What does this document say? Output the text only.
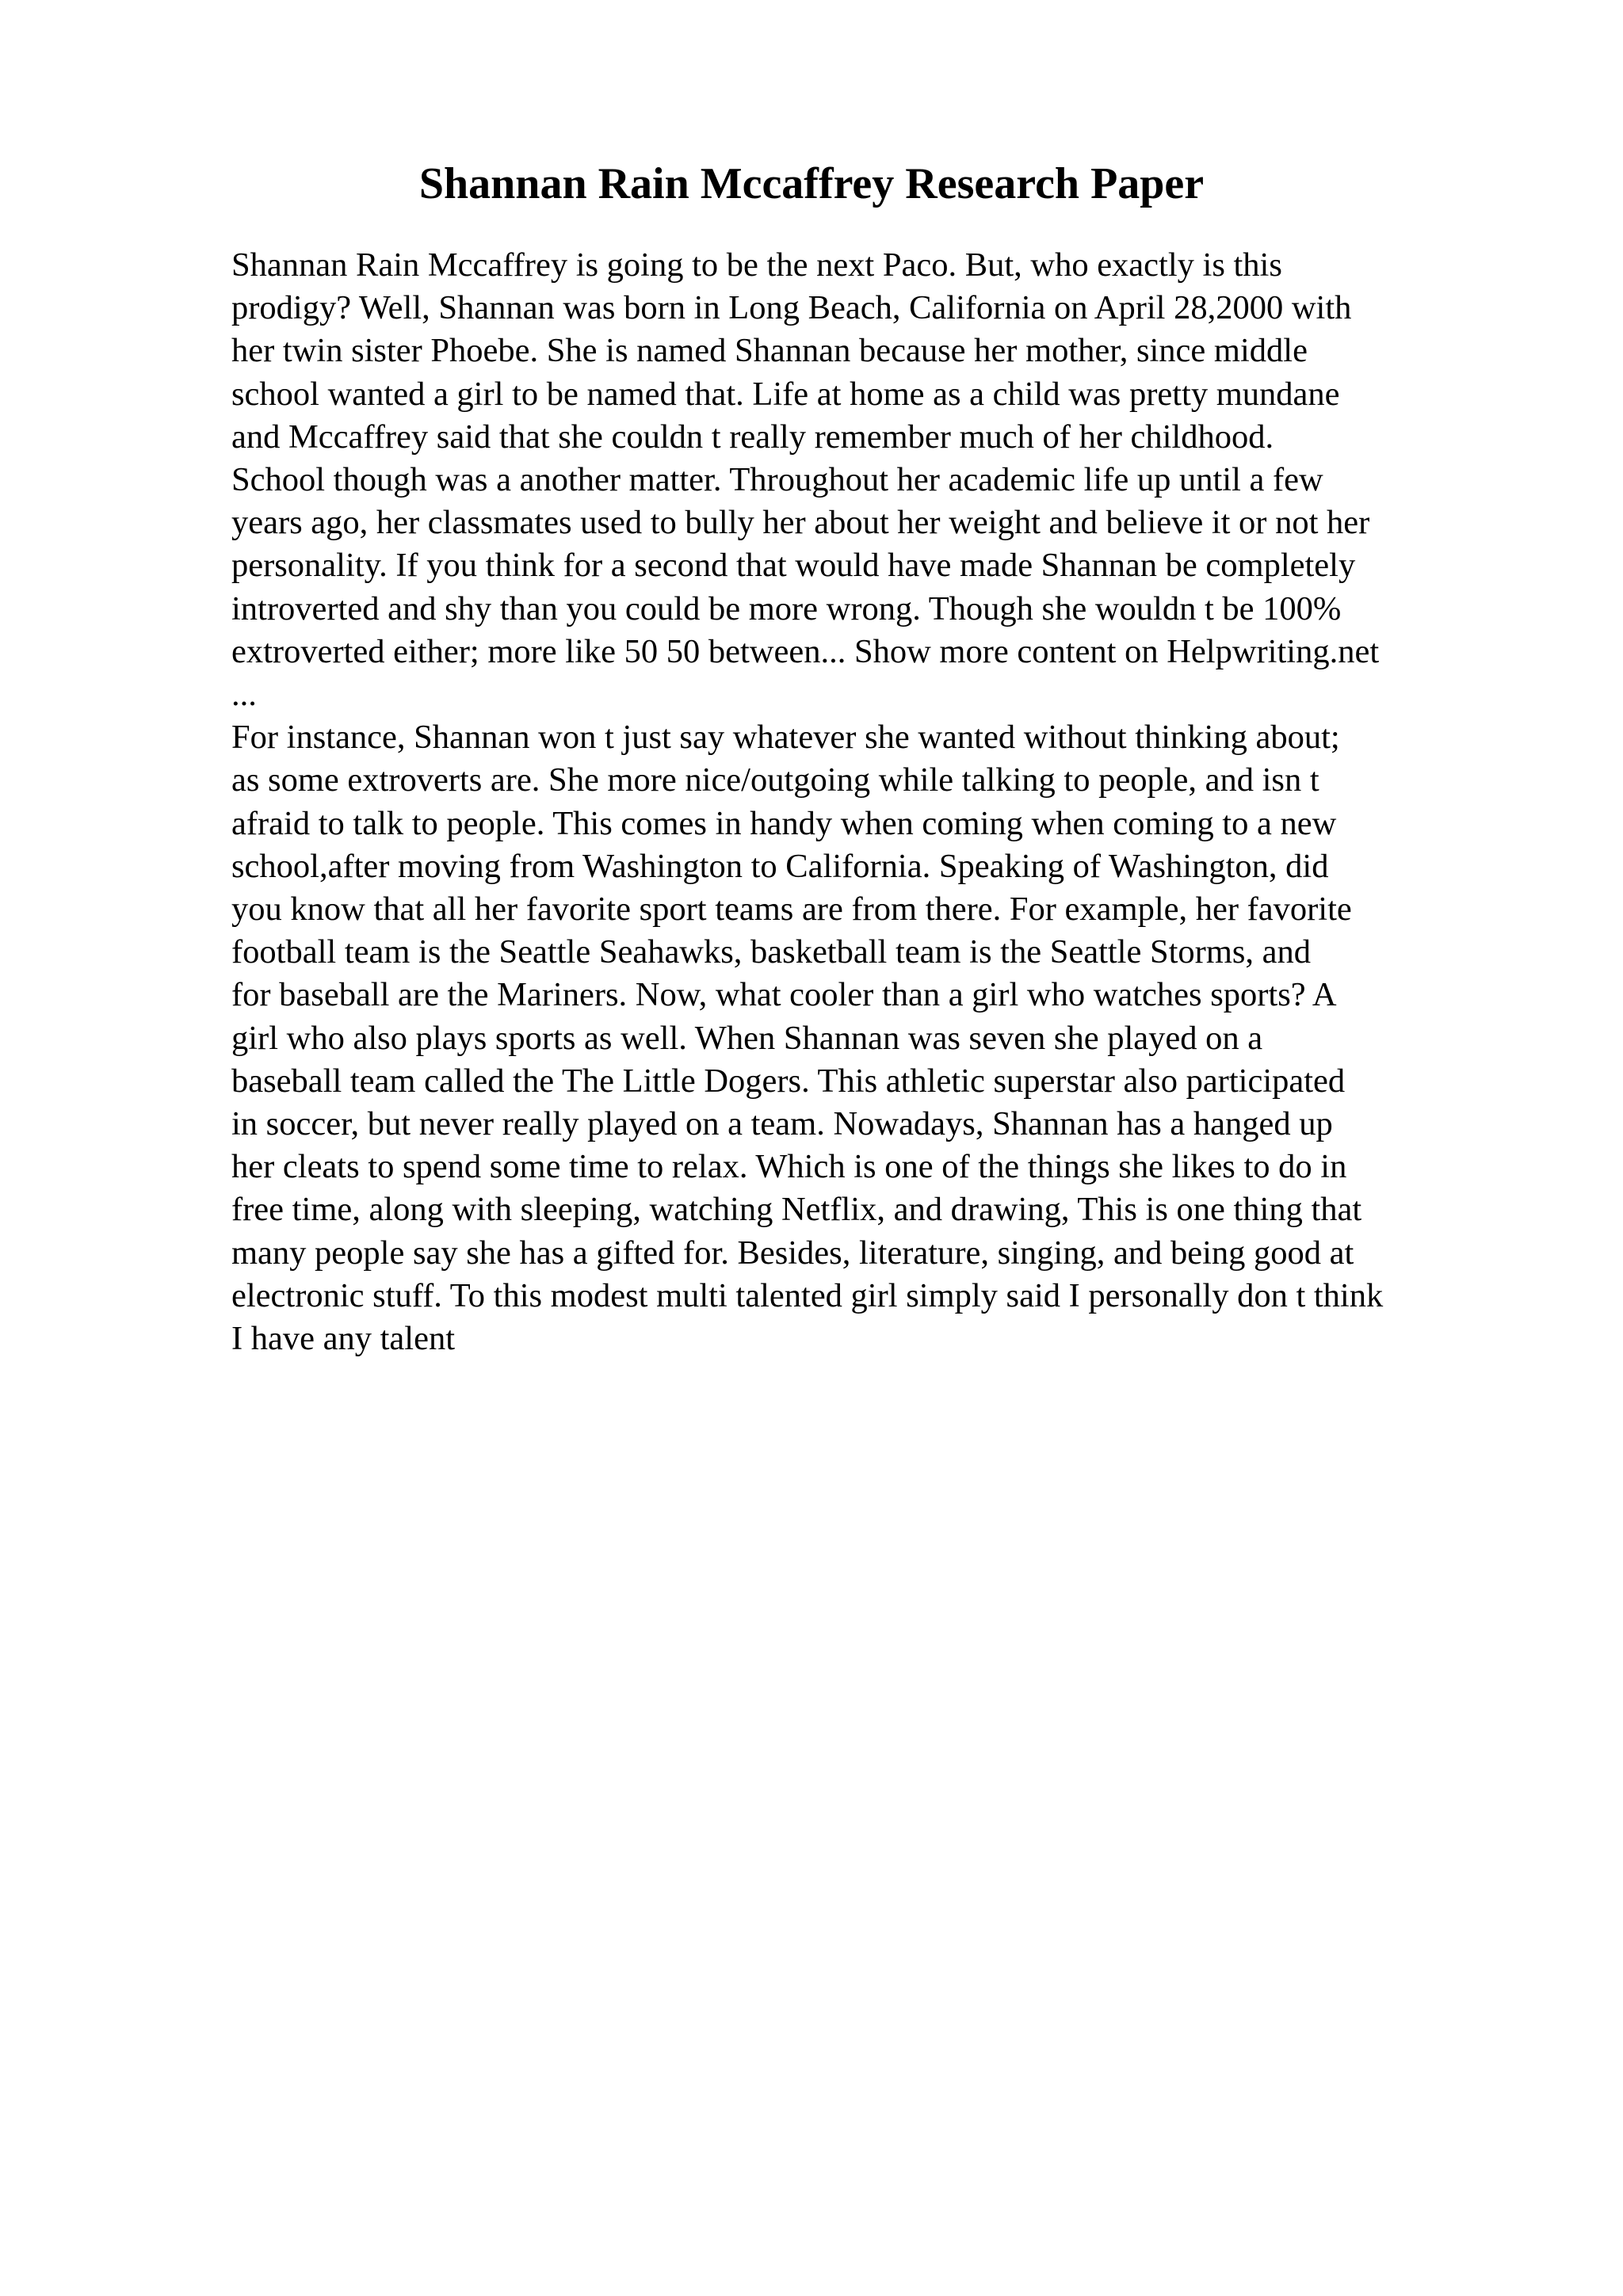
Shannan Rain Mccaffrey Research Paper
Shannan Rain Mccaffrey is going to be the next Paco. But, who exactly is this
prodigy? Well, Shannan was born in Long Beach, California on April 28,2000 with
her twin sister Phoebe. She is named Shannan because her mother, since middle
school wanted a girl to be named that. Life at home as a child was pretty mundane
and Mccaffrey said that she couldn t really remember much of her childhood.
School though was a another matter. Throughout her academic life up until a few
years ago, her classmates used to bully her about her weight and believe it or not her
personality. If you think for a second that would have made Shannan be completely
introverted and shy than you could be more wrong. Though she wouldn t be 100%
extroverted either; more like 50 50 between... Show more content on Helpwriting.net
...
For instance, Shannan won t just say whatever she wanted without thinking about;
as some extroverts are. She more nice/outgoing while talking to people, and isn t
afraid to talk to people. This comes in handy when coming when coming to a new
school,after moving from Washington to California. Speaking of Washington, did
you know that all her favorite sport teams are from there. For example, her favorite
football team is the Seattle Seahawks, basketball team is the Seattle Storms, and
for baseball are the Mariners. Now, what cooler than a girl who watches sports? A
girl who also plays sports as well. When Shannan was seven she played on a
baseball team called the The Little Dogers. This athletic superstar also participated
in soccer, but never really played on a team. Nowadays, Shannan has a hanged up
her cleats to spend some time to relax. Which is one of the things she likes to do in
free time, along with sleeping, watching Netflix, and drawing, This is one thing that
many people say she has a gifted for. Besides, literature, singing, and being good at
electronic stuff. To this modest multi talented girl simply said I personally don t think
I have any talent
